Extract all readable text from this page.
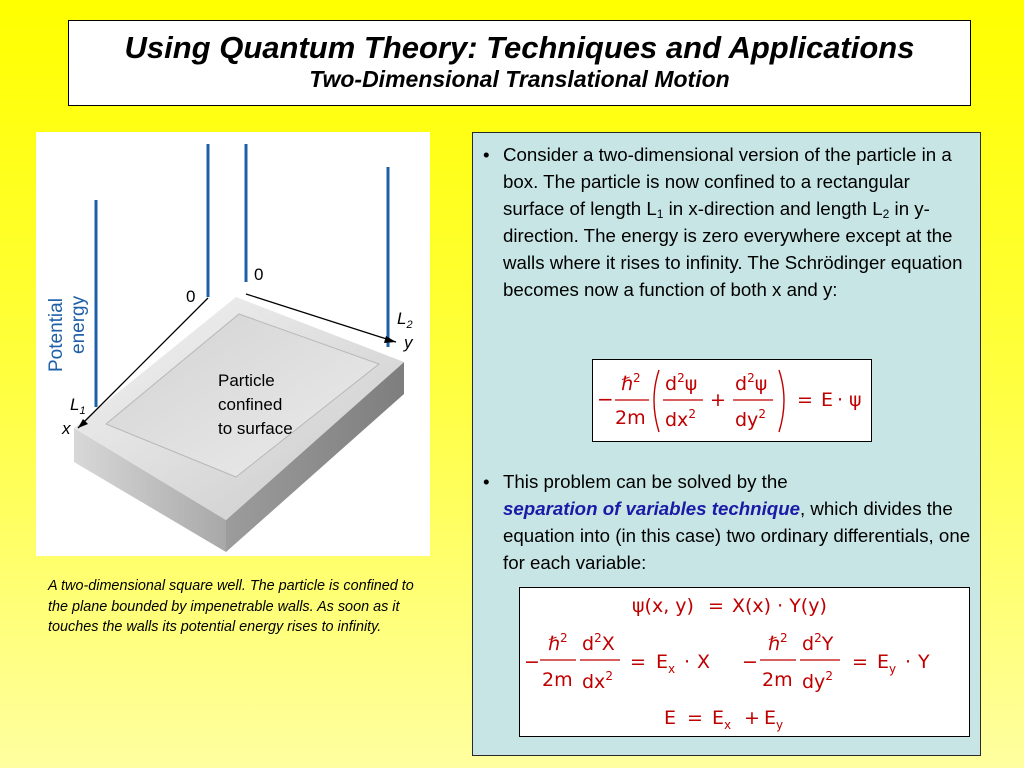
Using Quantum Theory: Techniques and Applications
Two-Dimensional Translational Motion
Potential energy	0
0
$L_1$
x
$L_2$
y
Particle
confined
to surface
A two-dimensional square well. The particle is confined to the plane bounded by impenetrable walls. As soon as it touches the walls its potential energy rises to infinity.
• Consider a two-dimensional version of the particle in a box. The particle is now confined to a rectangular surface of length $L_1$ in x-direction and length $L_2$ in y-direction. The energy is zero everywhere except at the walls where it rises to infinity. The Schrödinger equation becomes now a function of both x and y:
−
ℏ$^2$
2m
$d^2\psi$
$dx^2$
+
$d^2\psi$
$dy^2$
= E · ψ
• This problem can be solved by the
separation of variables technique, which divides the equation into (in this case) two ordinary differentials, one for each variable:
ψ(x, y) = X(x) · Y(y)
−
ℏ$^2$
2m
$d^2X$
$dx^2$
= $E_x \cdot X$ −
ℏ$^2$
2m
$d^2Y$
$dy^2$
= $E_y \cdot Y$
$E = E_x + E_y$
